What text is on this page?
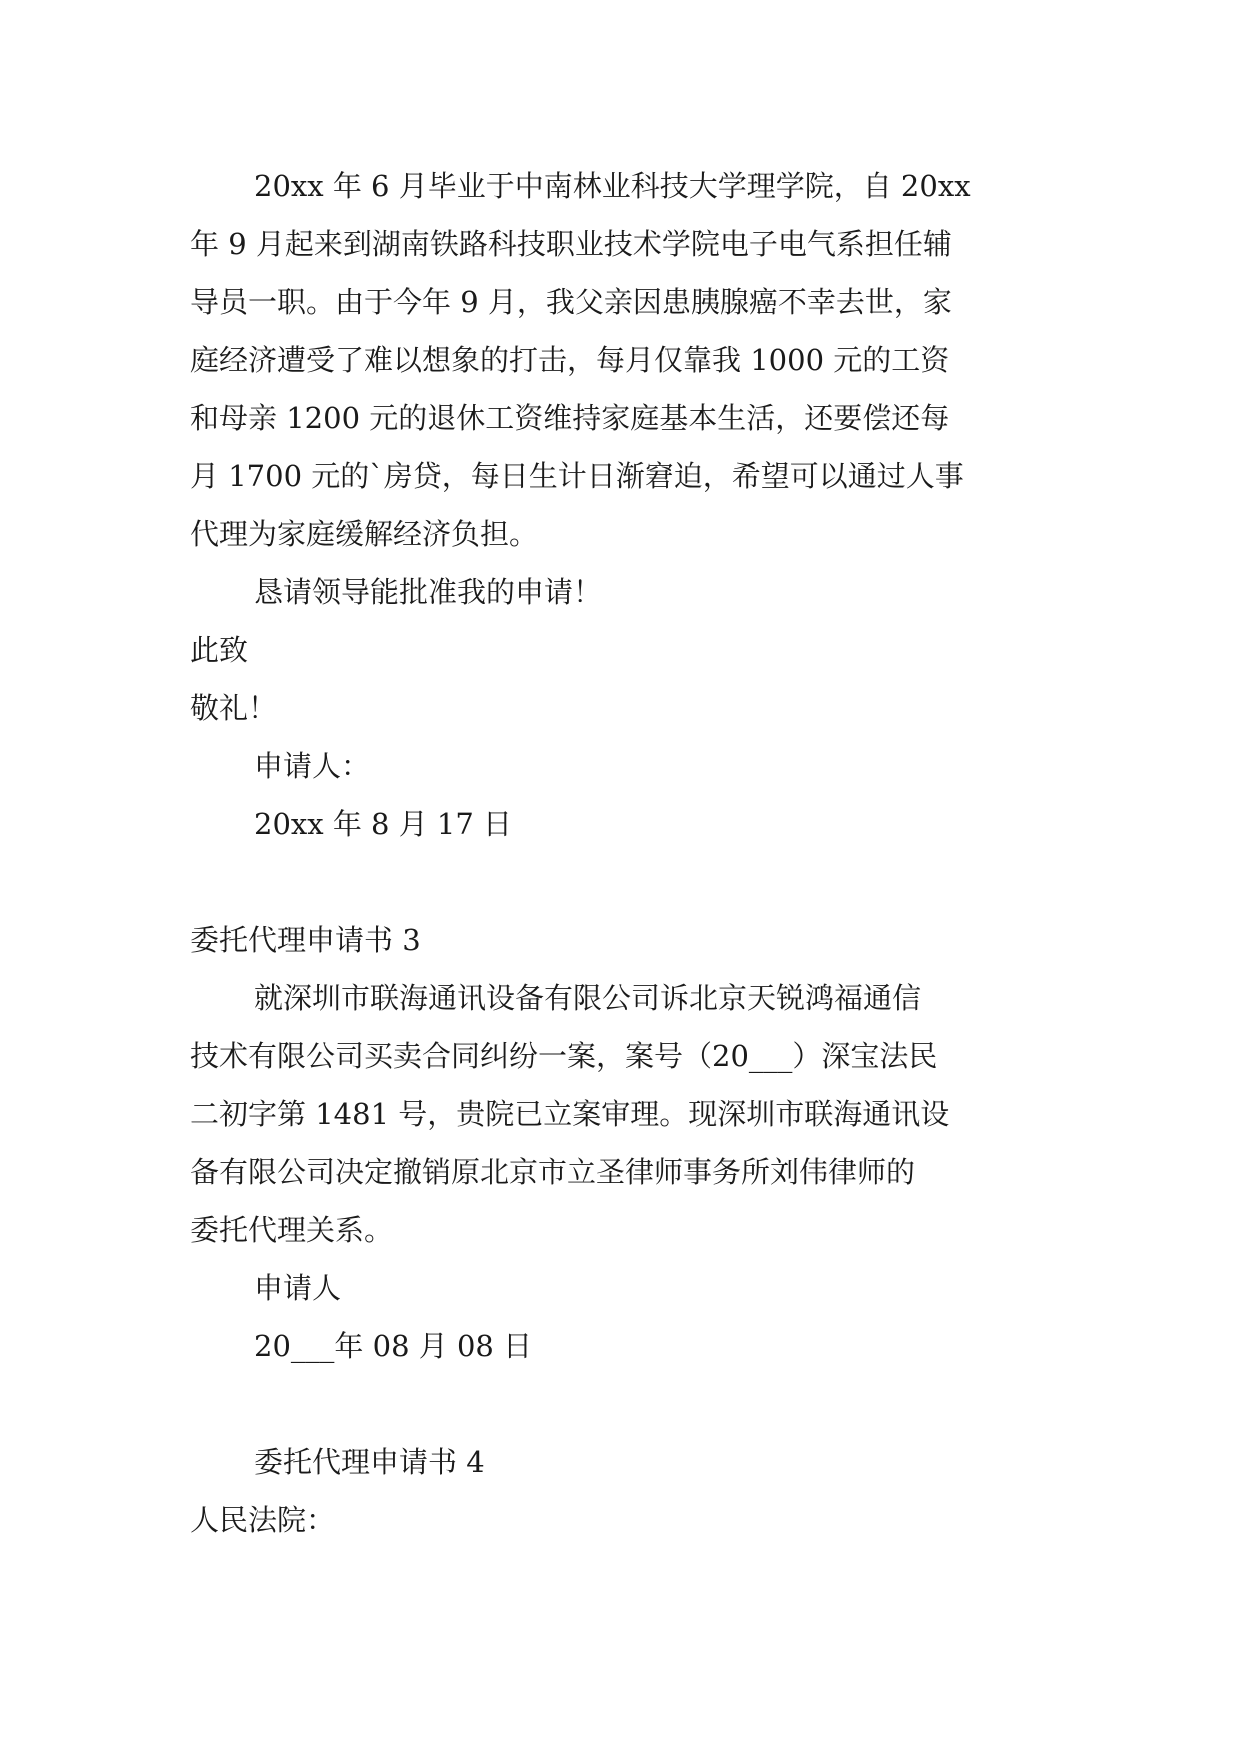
20xx 年 6 月毕业于中南林业科技大学理学院，自 20xx
年 9 月起来到湖南铁路科技职业技术学院电子电气系担任辅
导员一职。由于今年 9 月，我父亲因患胰腺癌不幸去世，家
庭经济遭受了难以想象的打击，每月仅靠我 1000 元的工资
和母亲 1200 元的退休工资维持家庭基本生活，还要偿还每
月 1700 元的`房贷，每日生计日渐窘迫，希望可以通过人事
代理为家庭缓解经济负担。
恳请领导能批准我的申请！
此致
敬礼！
申请人：
20xx 年 8 月 17 日
委托代理申请书 3
就深圳市联海通讯设备有限公司诉北京天锐鸿福通信
技术有限公司买卖合同纠纷一案，案号（20___）深宝法民
二初字第 1481 号，贵院已立案审理。现深圳市联海通讯设
备有限公司决定撤销原北京市立圣律师事务所刘伟律师的
委托代理关系。
申请人
20___年 08 月 08 日
委托代理申请书 4
人民法院：
